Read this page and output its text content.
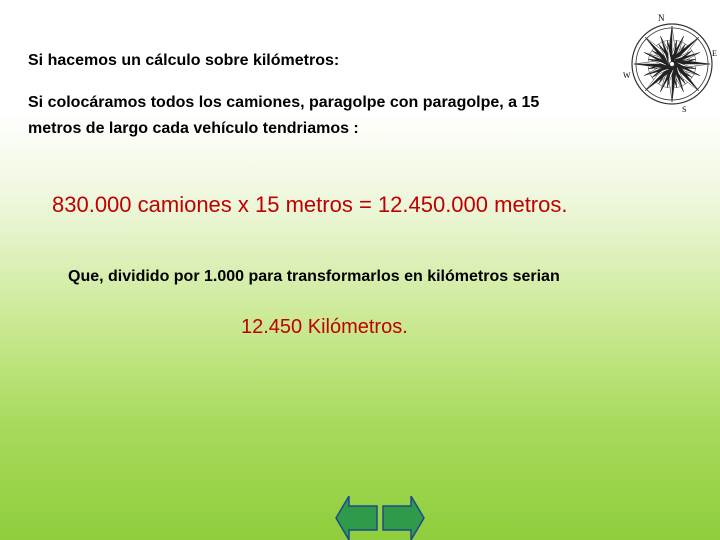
Si hacemos un cálculo sobre kilómetros:
Si colocáramos todos los camiones, paragolpe con paragolpe, a 15
metros de largo cada vehículo tendriamos :
830.000 camiones x 15 metros = 12.450.000 metros.
Que, dividido por 1.000 para transformarlos en kilómetros serian
12.450 Kilómetros.
N
E
S
W
